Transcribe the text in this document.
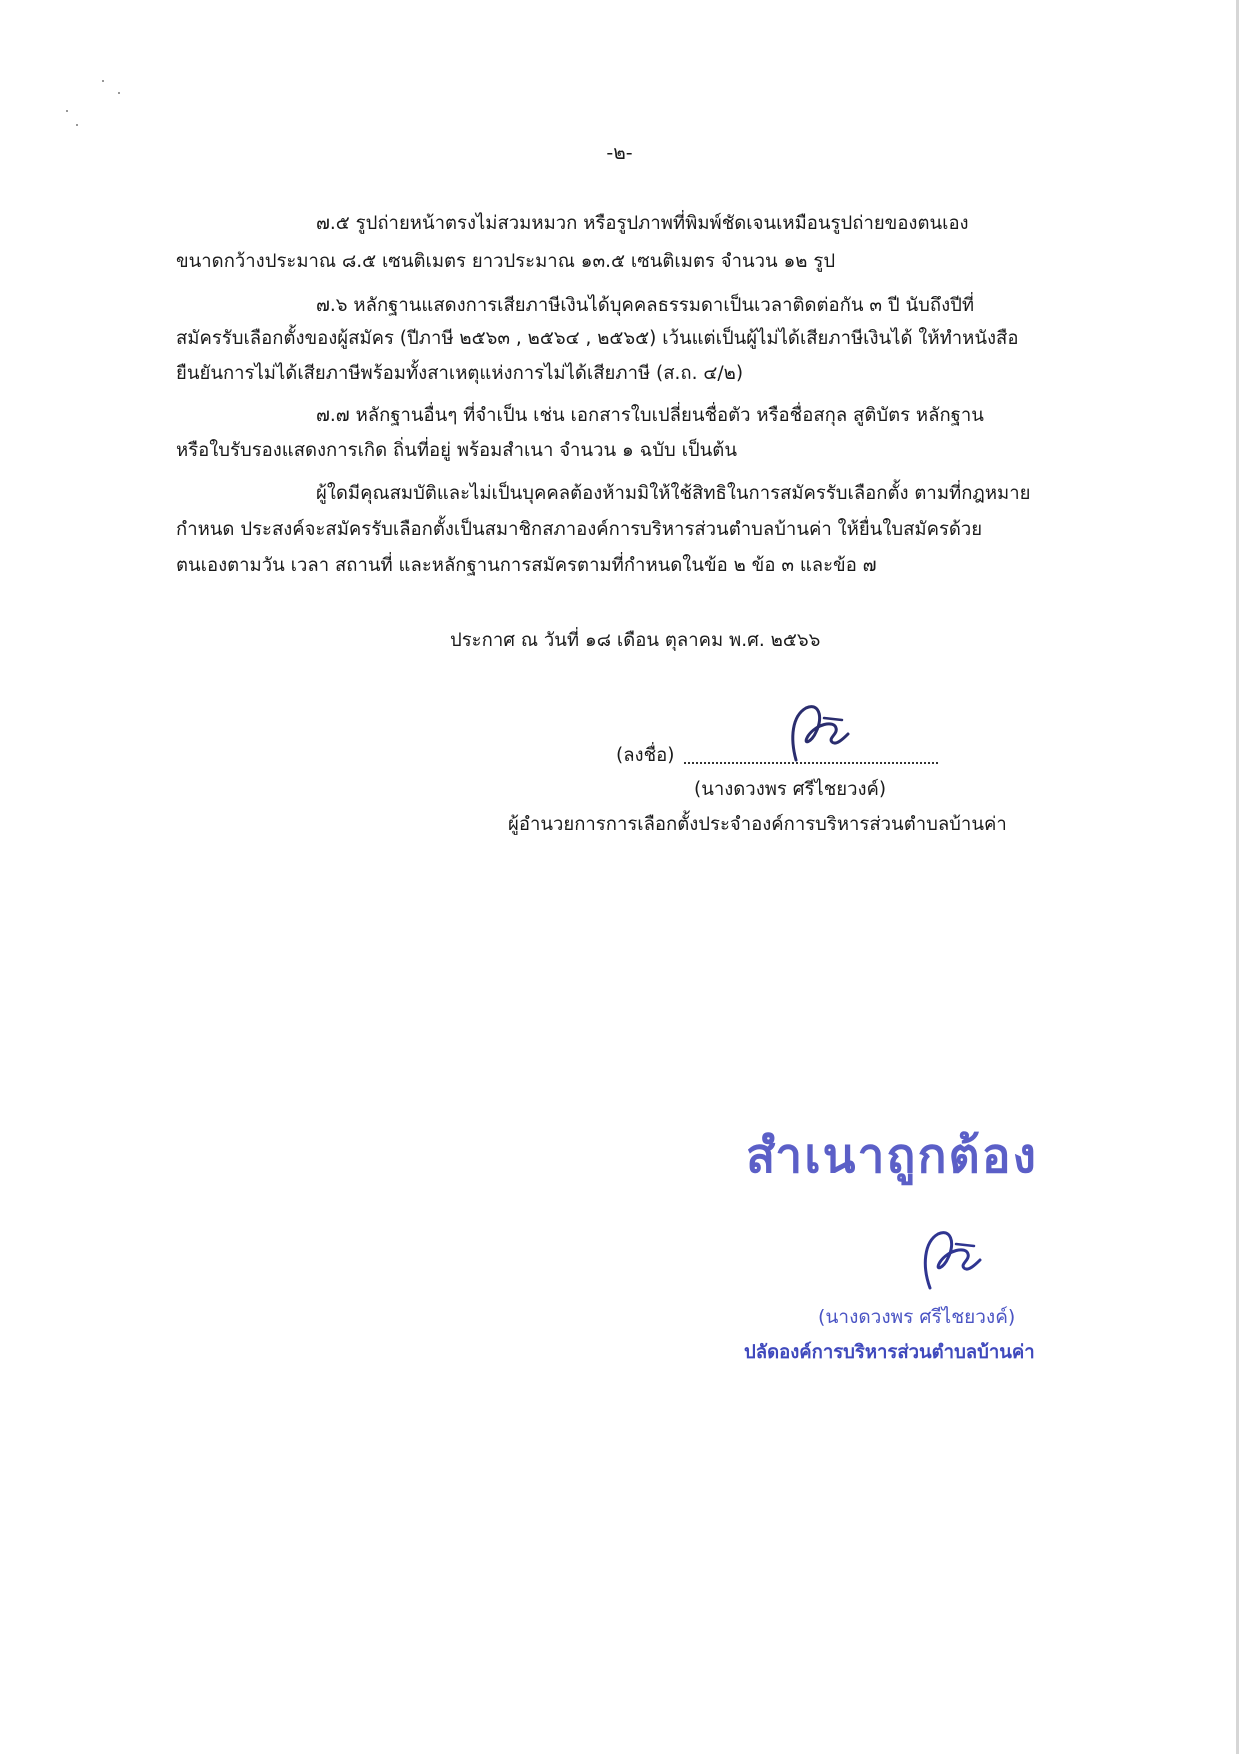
-๒-
๗.๕ รูปถ่ายหน้าตรงไม่สวมหมวก หรือรูปภาพที่พิมพ์ชัดเจนเหมือนรูปถ่ายของตนเอง
ขนาดกว้างประมาณ ๘.๕ เซนติเมตร ยาวประมาณ ๑๓.๕ เซนติเมตร จำนวน ๑๒ รูป
๗.๖ หลักฐานแสดงการเสียภาษีเงินได้บุคคลธรรมดาเป็นเวลาติดต่อกัน ๓ ปี นับถึงปีที่
สมัครรับเลือกตั้งของผู้สมัคร (ปีภาษี ๒๕๖๓ , ๒๕๖๔ , ๒๕๖๕) เว้นแต่เป็นผู้ไม่ได้เสียภาษีเงินได้ ให้ทำหนังสือ
ยืนยันการไม่ได้เสียภาษีพร้อมทั้งสาเหตุแห่งการไม่ได้เสียภาษี (ส.ถ. ๔/๒)
๗.๗ หลักฐานอื่นๆ ที่จำเป็น เช่น เอกสารใบเปลี่ยนชื่อตัว หรือชื่อสกุล สูติบัตร หลักฐาน
หรือใบรับรองแสดงการเกิด ถิ่นที่อยู่ พร้อมสำเนา จำนวน ๑ ฉบับ เป็นต้น
ผู้ใดมีคุณสมบัติและไม่เป็นบุคคลต้องห้ามมิให้ใช้สิทธิในการสมัครรับเลือกตั้ง ตามที่กฎหมาย
กำหนด ประสงค์จะสมัครรับเลือกตั้งเป็นสมาชิกสภาองค์การบริหารส่วนตำบลบ้านค่า ให้ยื่นใบสมัครด้วย
ตนเองตามวัน เวลา สถานที่ และหลักฐานการสมัครตามที่กำหนดในข้อ ๒ ข้อ ๓ และข้อ ๗
ประกาศ ณ วันที่ ๑๘ เดือน ตุลาคม พ.ศ. ๒๕๖๖
(ลงชื่อ)
(นางดวงพร ศรีไชยวงค์)
ผู้อำนวยการการเลือกตั้งประจำองค์การบริหารส่วนตำบลบ้านค่า
สำเนาถูกต้อง
(นางดวงพร ศรีไชยวงค์)
ปลัดองค์การบริหารส่วนตำบลบ้านค่า
